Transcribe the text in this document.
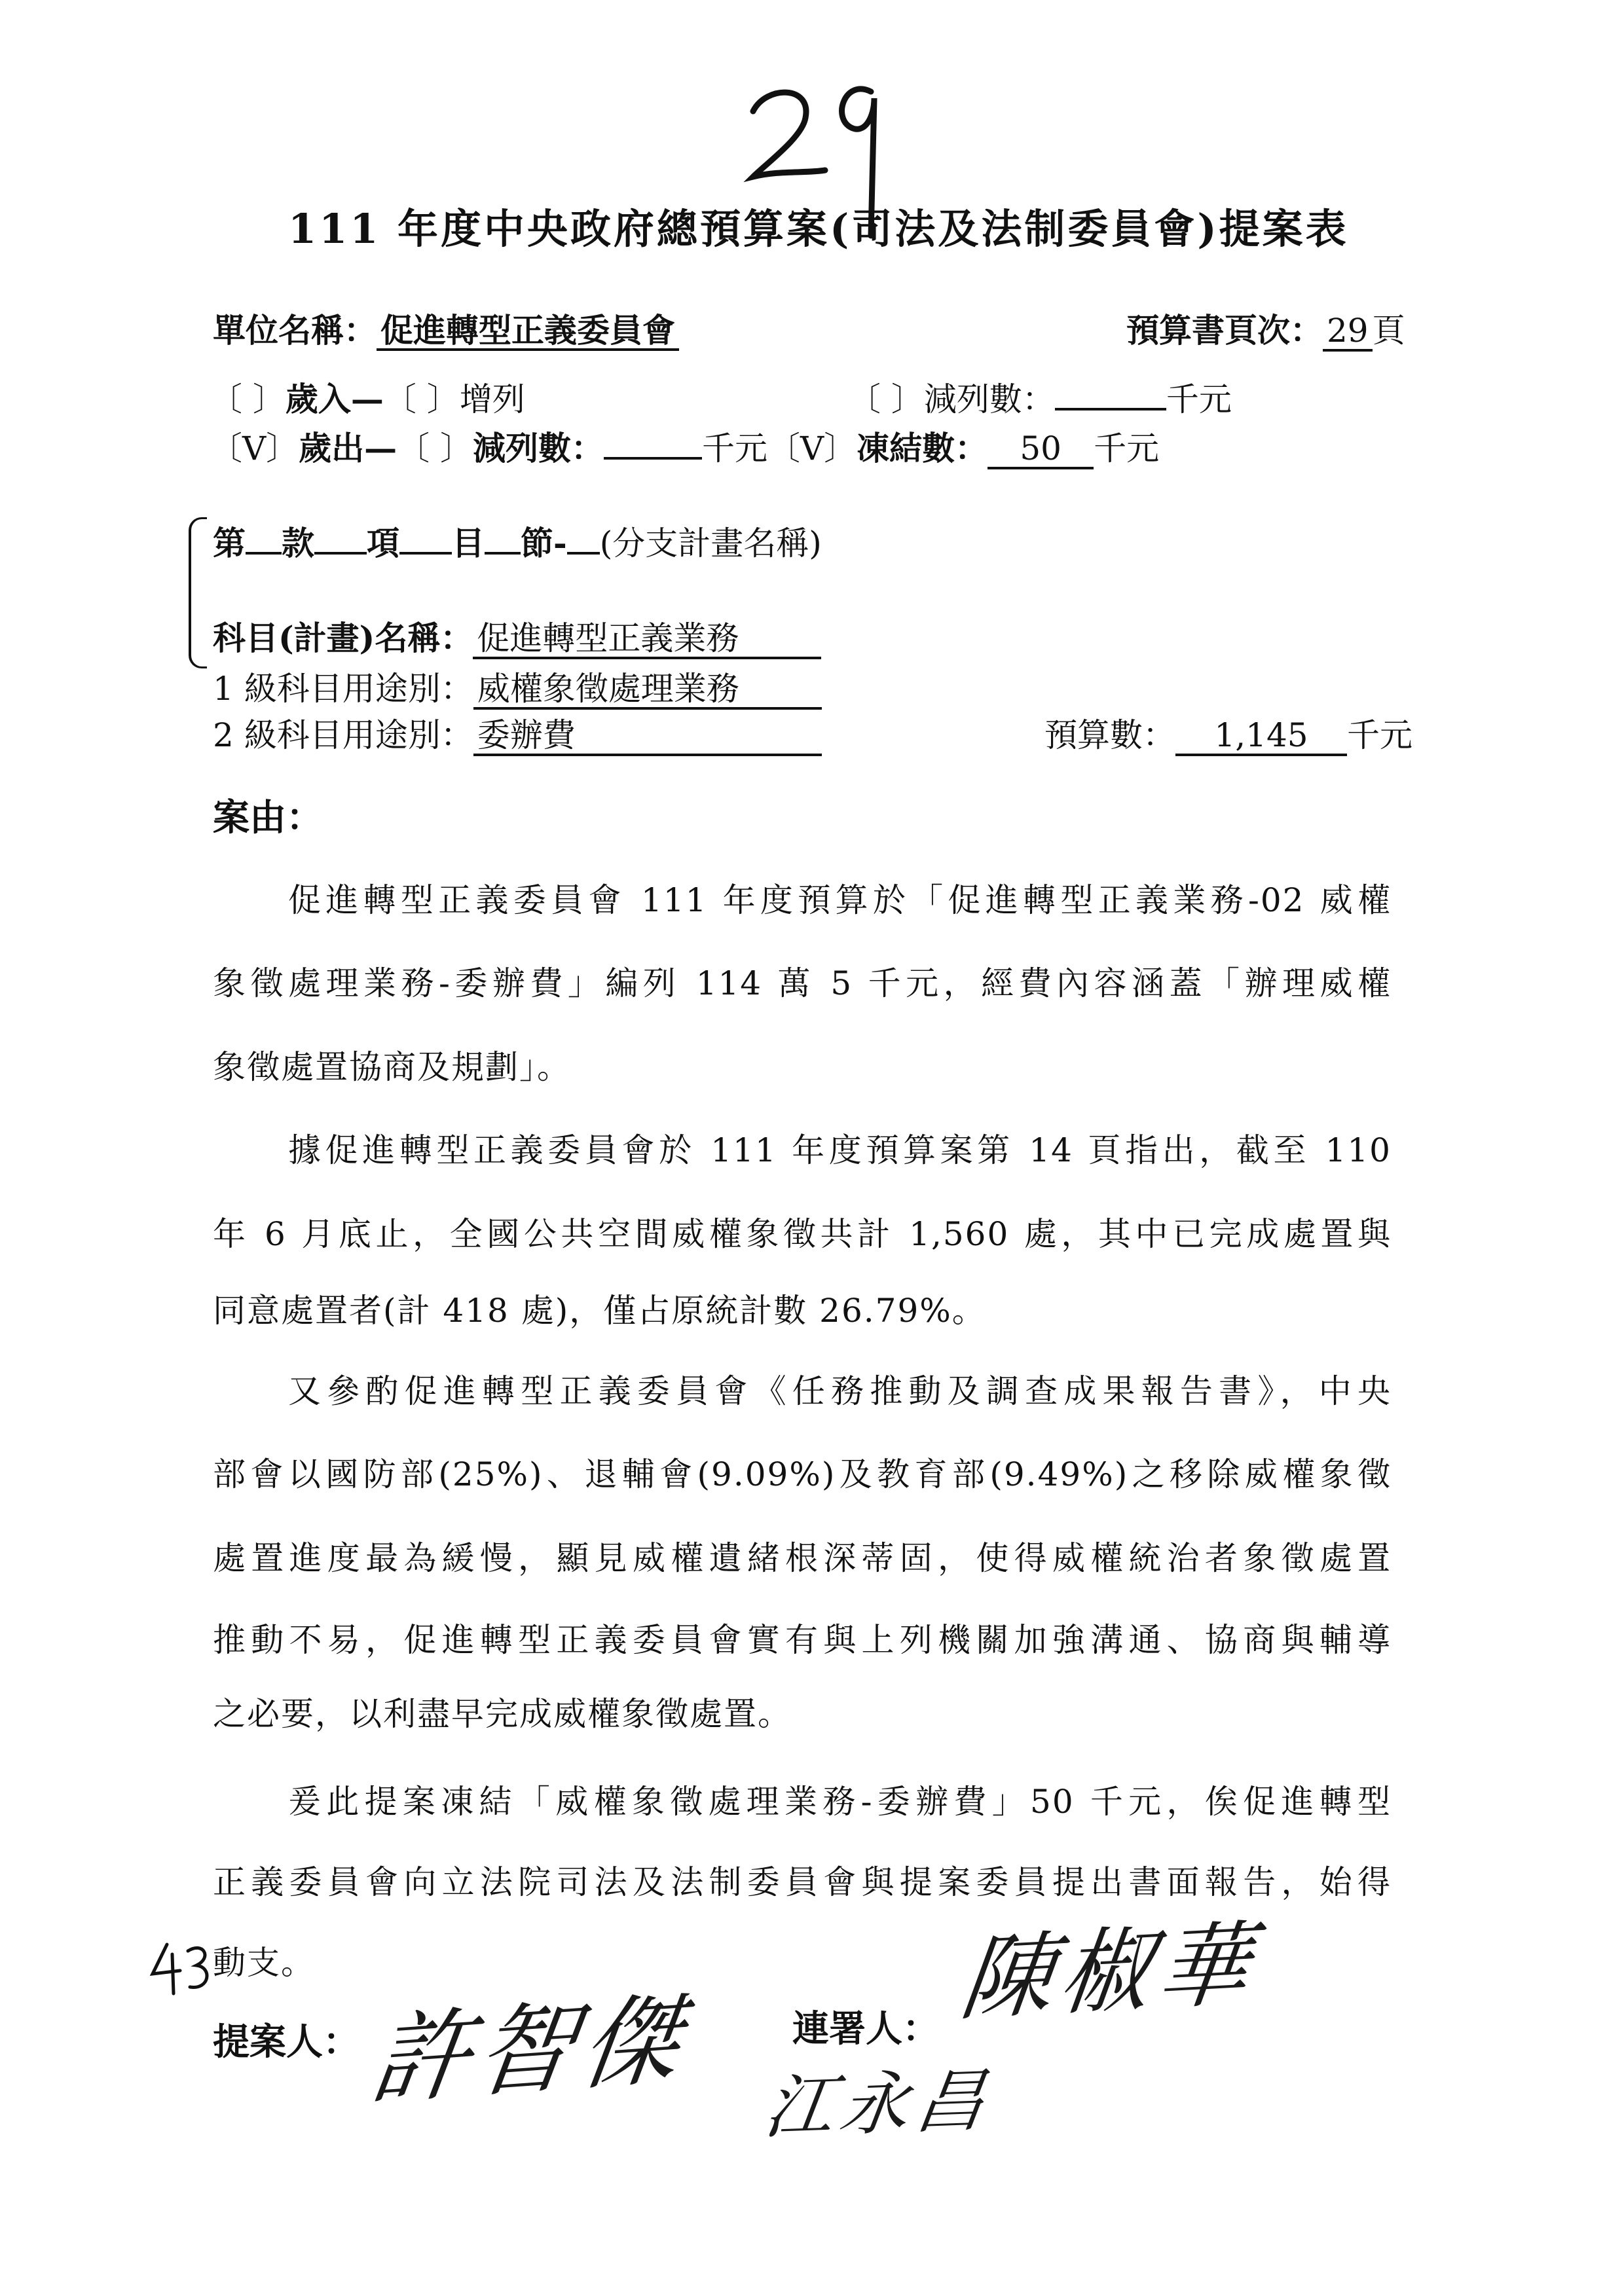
111 年度中央政府總預算案(司法及法制委員會)提案表
單位名稱： 促進轉型正義委員會	預算書頁次： 29 頁
〔 〕歲入—〔 〕增列	〔 〕減列數：	千元
〔V〕歲出—〔 〕減列數：	千元〔V〕凍結數： 50 千元
第 款 項 目 節- (分支計畫名稱)
科目(計畫)名稱： 促進轉型正義業務
1 級科目用途別： 威權象徵處理業務
2 級科目用途別： 委辦費	預算數： 1,145 千元
案由：
促進轉型正義委員會 111 年度預算於「促進轉型正義業務-02 威權
象徵處理業務-委辦費」編列 114 萬 5 千元，經費內容涵蓋「辦理威權
象徵處置協商及規劃」。
據促進轉型正義委員會於 111 年度預算案第 14 頁指出，截至 110
年 6 月底止，全國公共空間威權象徵共計 1,560 處，其中已完成處置與
同意處置者(計 418 處)，僅占原統計數 26.79%。
又參酌促進轉型正義委員會《任務推動及調查成果報告書》，中央
部會以國防部(25%)、退輔會(9.09%)及教育部(9.49%)之移除威權象徵
處置進度最為緩慢，顯見威權遺緒根深蒂固，使得威權統治者象徵處置
推動不易，促進轉型正義委員會實有與上列機關加強溝通、協商與輔導
之必要，以利盡早完成威權象徵處置。
爰此提案凍結「威權象徵處理業務-委辦費」50 千元，俟促進轉型
正義委員會向立法院司法及法制委員會與提案委員提出書面報告，始得
動支。
提案人：	連署人：
許智傑
陳椒華
江永昌
